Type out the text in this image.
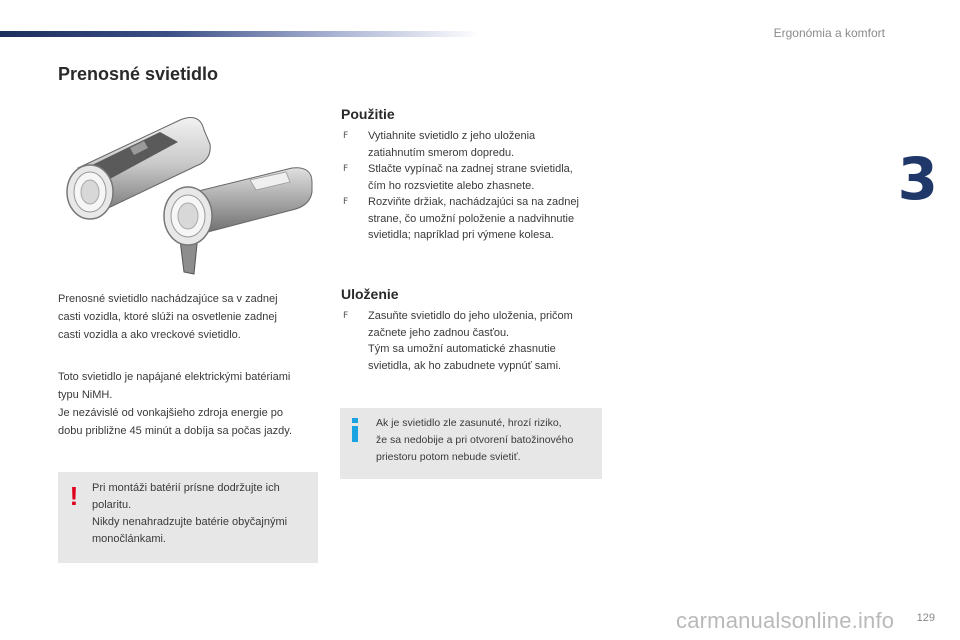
Ergonómia a komfort
3
Prenosné svietidlo

Prenosné svietidlo nachádzajúce sa v zadnej
casti vozidla, ktoré slúži na osvetlenie zadnej
casti vozidla a ako vreckové svietidlo.

Toto svietidlo je napájané elektrickými batériami
typu NiMH.
Je nezávislé od vonkajšieho zdroja energie po
dobu približne 45 minút a dobíja sa počas jazdy.

! Pri montáži batérií prísne dodržujte ich
polaritu.
Nikdy nenahradzujte batérie obyčajnými
monočlánkami.

Použitie
F Vytiahnite svietidlo z jeho uloženia
zatiahnutím smerom dopredu.
F Stlačte vypínač na zadnej strane svietidla,
čím ho rozsvietite alebo zhasnete.
F Rozviňte držiak, nachádzajúci sa na zadnej
strane, čo umožní položenie a nadvihnutie
svietidla; napríklad pri výmene kolesa.
Uloženie
F Zasuňte svietidlo do jeho uloženia, pričom
začnete jeho zadnou časťou.
Tým sa umožní automatické zhasnutie
svietidla, ak ho zabudnete vypnúť sami.

Ak je svietidlo zle zasunuté, hrozí riziko,
že sa nedobije a pri otvorení batožinového
priestoru potom nebude svietiť.

129
carmanualsonline.info
